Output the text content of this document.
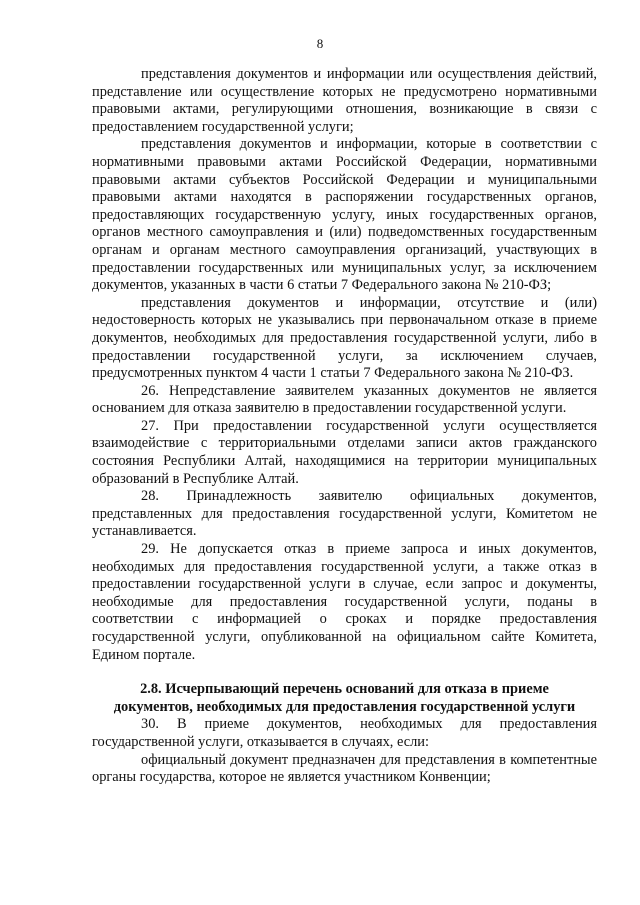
8

представления документов и информации или осуществления действий, представление или осуществление которых не предусмотрено нормативными правовыми актами, регулирующими отношения, возникающие в связи с предоставлением государственной услуги;

представления документов и информации, которые в соответствии с нормативными правовыми актами Российской Федерации, нормативными правовыми актами субъектов Российской Федерации и муниципальными правовыми актами находятся в распоряжении государственных органов, предоставляющих государственную услугу, иных государственных органов, органов местного самоуправления и (или) подведомственных государственным органам и органам местного самоуправления организаций, участвующих в предоставлении государственных или муниципальных услуг, за исключением документов, указанных в части 6 статьи 7 Федерального закона № 210-ФЗ;

представления документов и информации, отсутствие и (или) недостоверность которых не указывались при первоначальном отказе в приеме документов, необходимых для предоставления государственной услуги, либо в предоставлении государственной услуги, за исключением случаев, предусмотренных пунктом 4 части 1 статьи 7 Федерального закона № 210-ФЗ.

26. Непредставление заявителем указанных документов не является основанием для отказа заявителю в предоставлении государственной услуги.

27. При предоставлении государственной услуги осуществляется взаимодействие с территориальными отделами записи актов гражданского состояния Республики Алтай, находящимися на территории муниципальных образований в Республике Алтай.

28. Принадлежность заявителю официальных документов, представленных для предоставления государственной услуги, Комитетом не устанавливается.

29. Не допускается отказ в приеме запроса и иных документов, необходимых для предоставления государственной услуги, а также отказ в предоставлении государственной услуги в случае, если запрос и документы, необходимые для предоставления государственной услуги, поданы в соответствии с информацией о сроках и порядке предоставления государственной услуги, опубликованной на официальном сайте Комитета, Едином портале.

2.8. Исчерпывающий перечень оснований для отказа в приеме
документов, необходимых для предоставления государственной услуги

30. В приеме документов, необходимых для предоставления государственной услуги, отказывается в случаях, если:

официальный документ предназначен для представления в компетентные органы государства, которое не является участником Конвенции;
